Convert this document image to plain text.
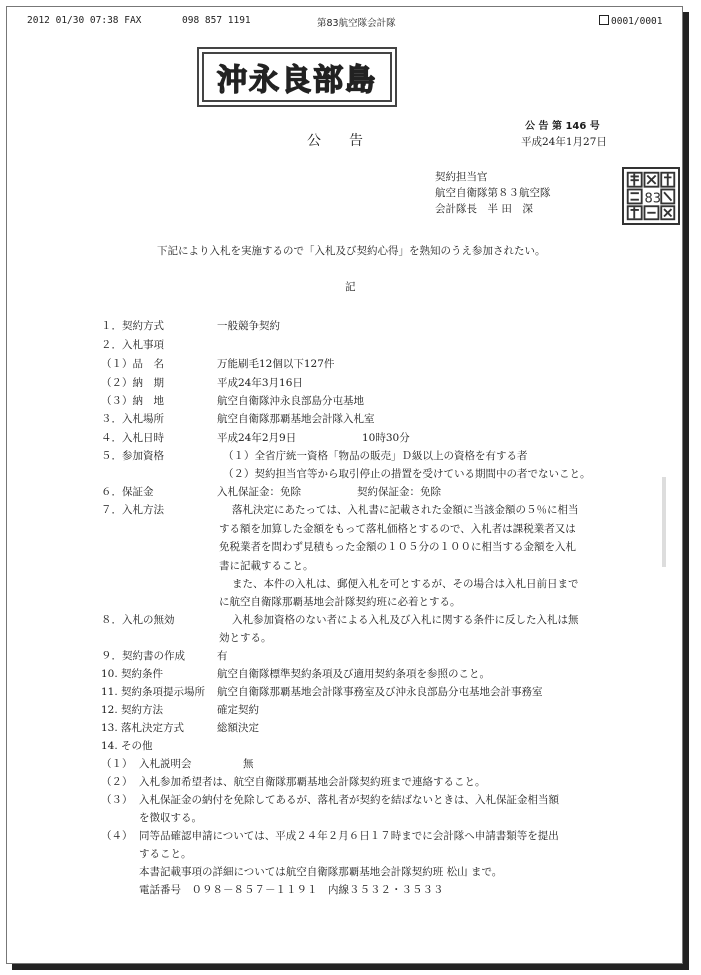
2012 01/30 07:38 FAX	098 857 1191	第83航空隊会計隊	0001/0001
沖永良部島
公 告 第 146 号
公　　告	平成24年1月27日
契約担当官
航空自衛隊第８３航空隊
会計隊長　半 田　深
83
下記により入札を実施するので「入札及び契約心得」を熟知のうえ参加されたい。
記
１．契約方式	一般競争契約
２．入札事項
（１）品　名	万能刷毛12個以下127件
（２）納　期	平成24年3月16日
（３）納　地	航空自衛隊沖永良部島分屯基地
３．入札場所	航空自衛隊那覇基地会計隊入札室
４．入札日時	平成24年2月9日	10時30分
５．参加資格	（１）全省庁統一資格「物品の販売」Ｄ級以上の資格を有する者
（２）契約担当官等から取引停止の措置を受けている期間中の者でないこと。
６．保証金	入札保証金：免除	契約保証金：免除
７．入札方法	落札決定にあたっては、入札書に記載された金額に当該金額の５％に相当
する額を加算した金額をもって落札価格とするので、入札者は課税業者又は
免税業者を問わず見積もった金額の１０５分の１００に相当する金額を入札
書に記載すること。
また、本件の入札は、郵便入札を可とするが、その場合は入札日前日まで
に航空自衛隊那覇基地会計隊契約班に必着とする。
８．入札の無効	入札参加資格のない者による入札及び入札に関する条件に反した入札は無
効とする。
９．契約書の作成	有
10. 契約条件	航空自衛隊標準契約条項及び適用契約条項を参照のこと。
11. 契約条項提示場所 航空自衛隊那覇基地会計隊事務室及び沖永良部島分屯基地会計事務室
12. 契約方法	確定契約
13. 落札決定方式	総額決定
14. その他
（１） 入札説明会	無
（２） 入札参加希望者は、航空自衛隊那覇基地会計隊契約班まで連絡すること。
（３） 入札保証金の納付を免除してあるが、落札者が契約を結ばないときは、入札保証金相当額
を徴収する。
（４） 同等品確認申請については、平成２４年２月６日１７時までに会計隊へ申請書類等を提出
すること。
本書記載事項の詳細については航空自衛隊那覇基地会計隊契約班 松山 まで。
電話番号　０９８－８５７－１１９１　内線３５３２・３５３３
